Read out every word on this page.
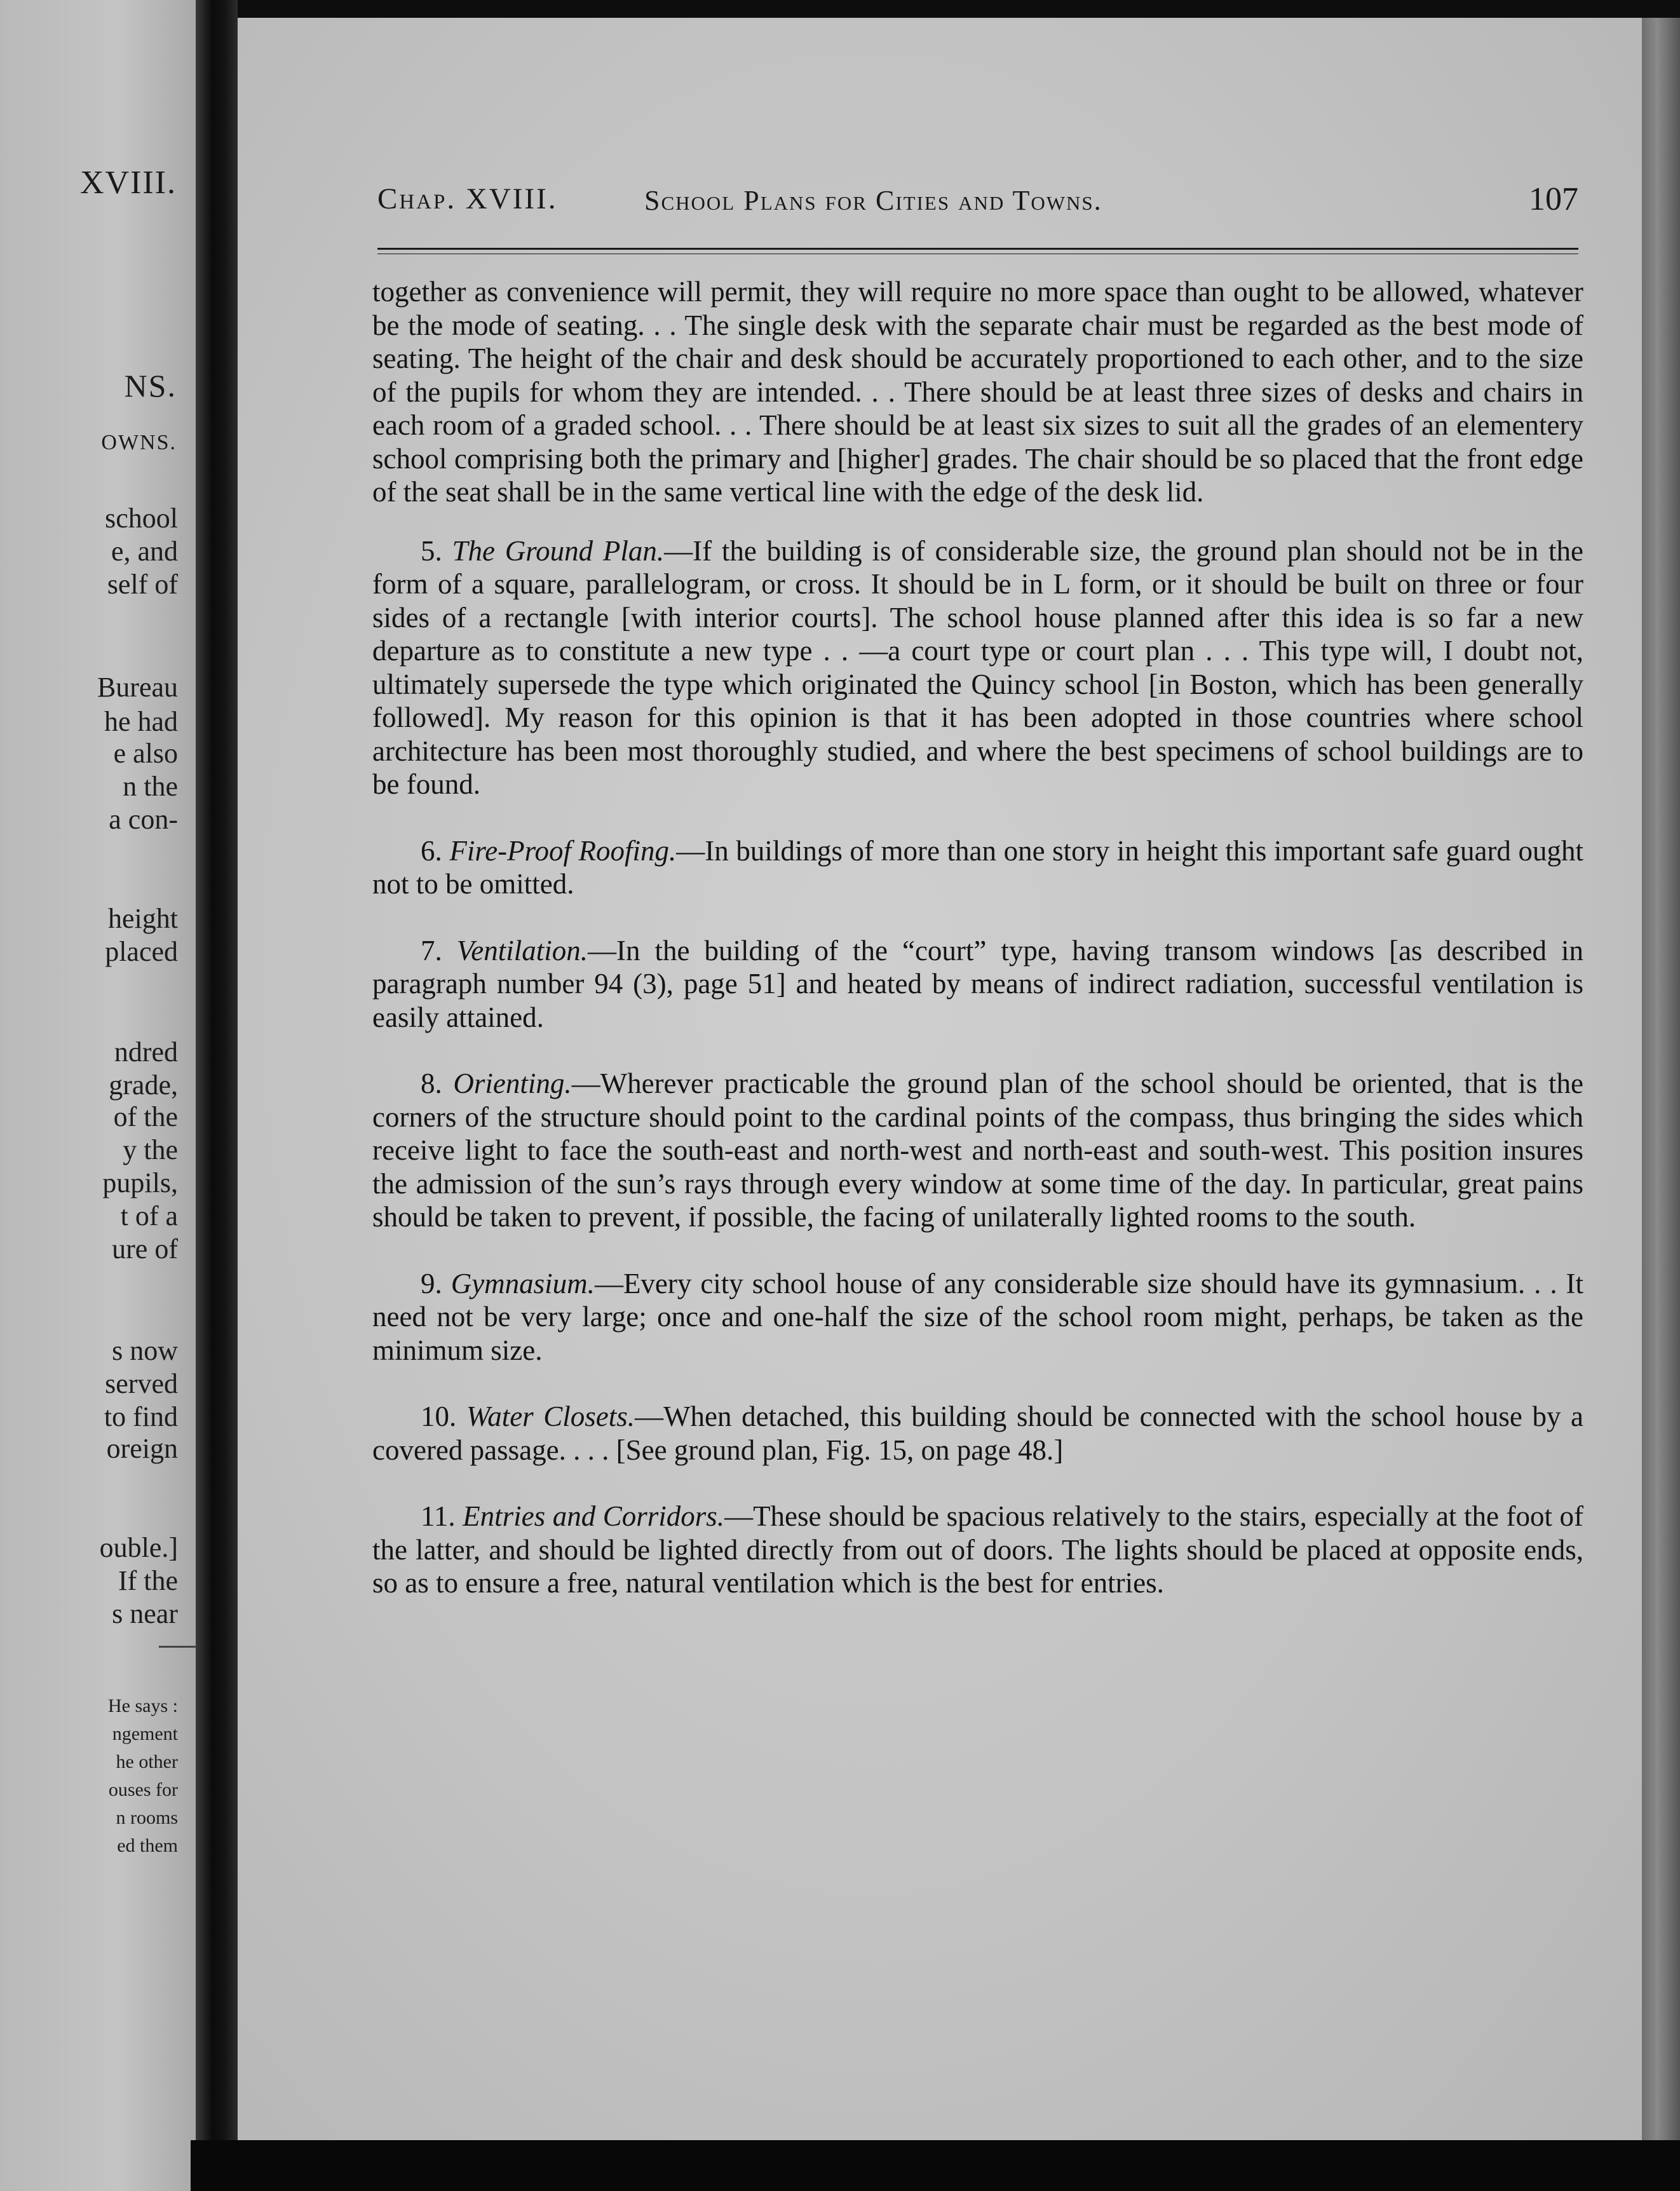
XVIII.
NS.
OWNS.
school
e, and
self of
Bureau
he had
e also
n the
a con-
height
placed
ndred
grade,
of the
y the
pupils,
t of a
ure of
s now
served
to find
oreign
ouble.]
If the
s near
He says :
ngement
he other
ouses for
n rooms
ed them
Chap. XVIII.	School Plans for Cities and Towns.	107

together as convenience will permit, they will require no more space than ought to be allowed, whatever be the mode of seating. . . The single desk with the separate chair must be regarded as the best mode of seating. The height of the chair and desk should be accurately proportioned to each other, and to the size of the pupils for whom they are intended. . . There should be at least three sizes of desks and chairs in each room of a graded school. . . There should be at least six sizes to suit all the grades of an elementery school comprising both the primary and [higher] grades. The chair should be so placed that the front edge of the seat shall be in the same vertical line with the edge of the desk lid.

5. The Ground Plan.—If the building is of considerable size, the ground plan should not be in the form of a square, parallelogram, or cross. It should be in L form, or it should be built on three or four sides of a rectangle [with interior courts]. The school house planned after this idea is so far a new departure as to constitute a new type . . —a court type or court plan . . . This type will, I doubt not, ultimately supersede the type which originated the Quincy school [in Boston, which has been generally followed]. My reason for this opinion is that it has been adopted in those countries where school architecture has been most thoroughly studied, and where the best specimens of school buildings are to be found.

6. Fire-Proof Roofing.—In buildings of more than one story in height this important safe guard ought not to be omitted.

7. Ventilation.—In the building of the “court” type, having transom windows [as described in paragraph number 94 (3), page 51] and heated by means of indirect radiation, successful ventilation is easily attained.

8. Orienting.—Wherever practicable the ground plan of the school should be oriented, that is the corners of the structure should point to the cardinal points of the compass, thus bringing the sides which receive light to face the south-east and north-west and north-east and south-west. This position insures the admission of the sun’s rays through every window at some time of the day. In particular, great pains should be taken to prevent, if possible, the facing of unilaterally lighted rooms to the south.

9. Gymnasium.—Every city school house of any considerable size should have its gymnasium. . . It need not be very large; once and one-half the size of the school room might, perhaps, be taken as the minimum size.

10. Water Closets.—When detached, this building should be connected with the school house by a covered passage. . . . [See ground plan, Fig. 15, on page 48.]

11. Entries and Corridors.—These should be spacious relatively to the stairs, especially at the foot of the latter, and should be lighted directly from out of doors. The lights should be placed at opposite ends, so as to ensure a free, natural ventilation which is the best for entries.
